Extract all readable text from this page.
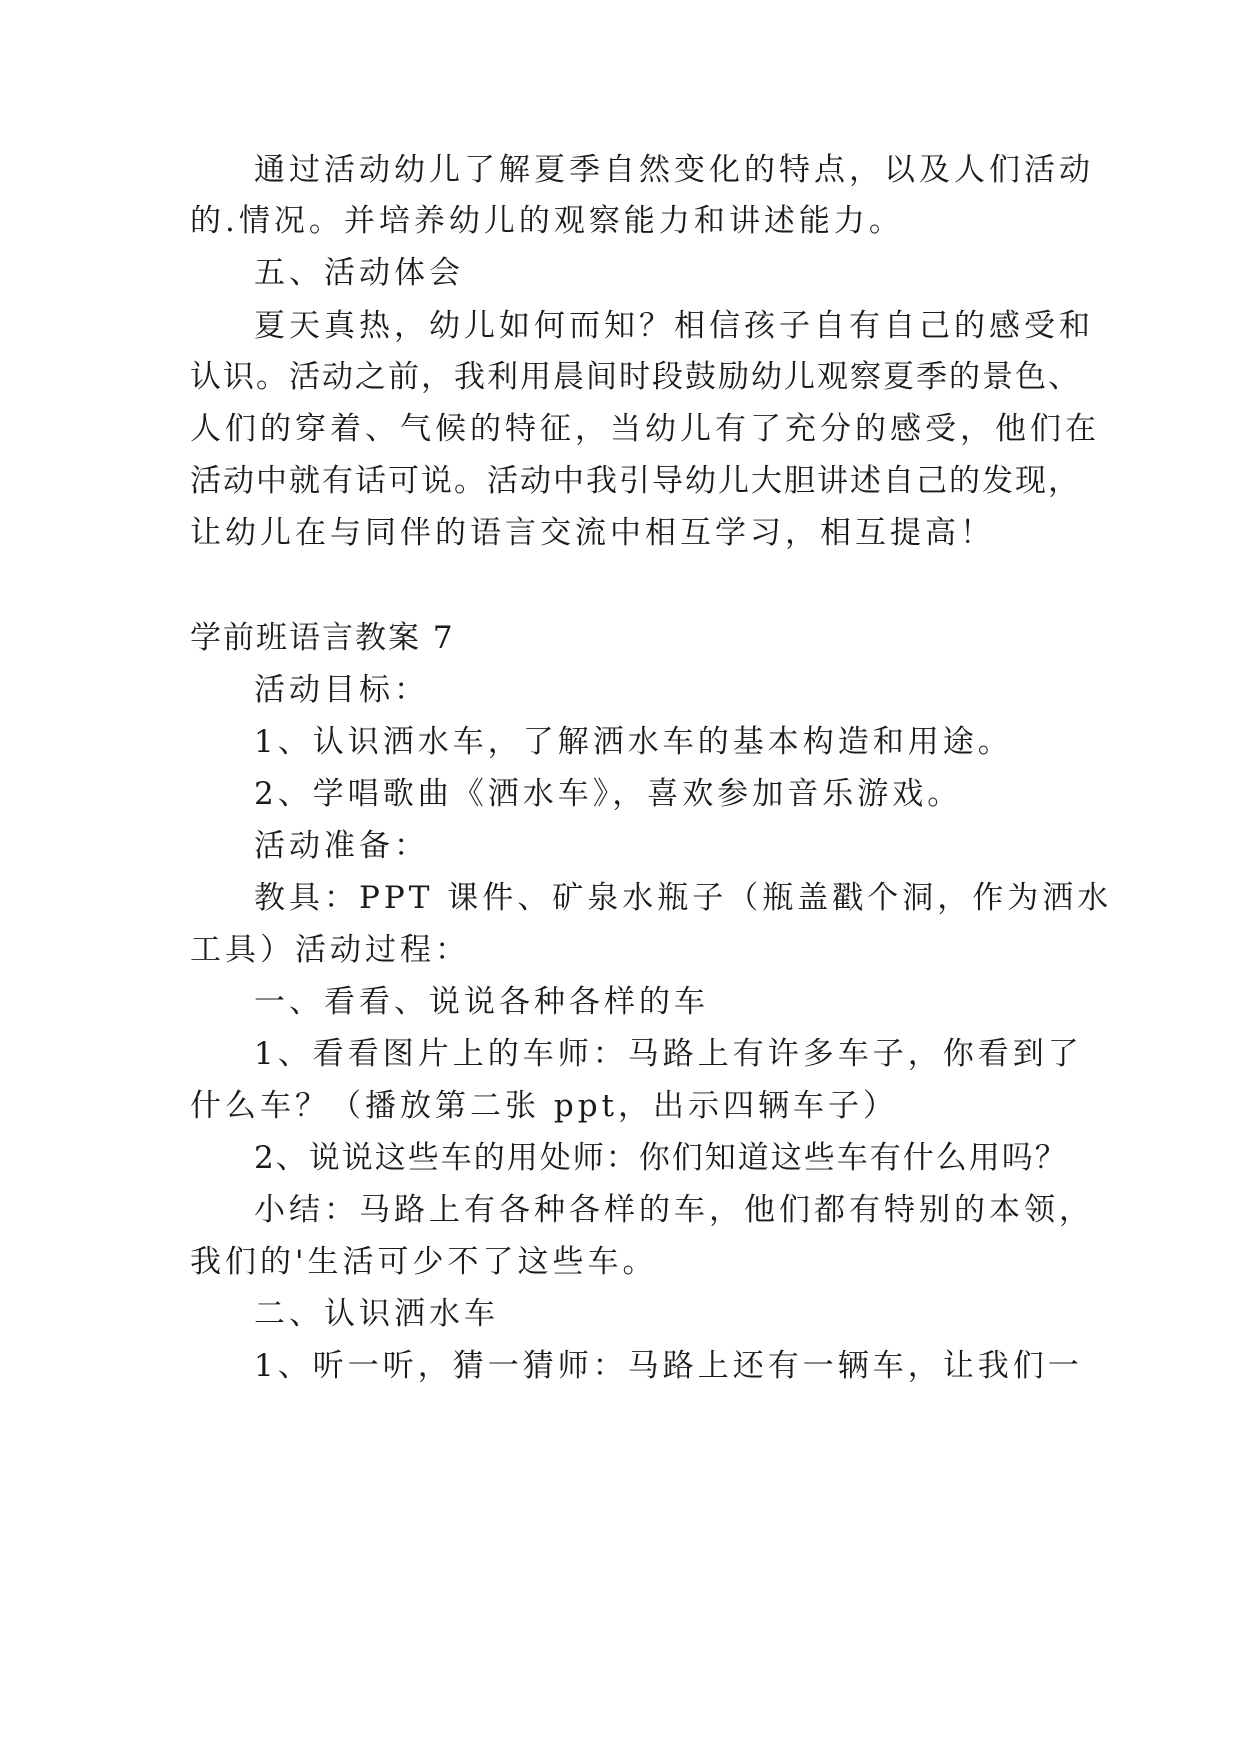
通过活动幼儿了解夏季自然变化的特点，以及人们活动
的.情况。并培养幼儿的观察能力和讲述能力。
五、活动体会
夏天真热，幼儿如何而知？相信孩子自有自己的感受和
认识。活动之前，我利用晨间时段鼓励幼儿观察夏季的景色、
人们的穿着、气候的特征，当幼儿有了充分的感受，他们在
活动中就有话可说。活动中我引导幼儿大胆讲述自己的发现，
让幼儿在与同伴的语言交流中相互学习，相互提高！
学前班语言教案 7
活动目标：
1、认识洒水车，了解洒水车的基本构造和用途。
2、学唱歌曲《洒水车》，喜欢参加音乐游戏。
活动准备：
教具：PPT 课件、矿泉水瓶子（瓶盖戳个洞，作为洒水
工具）活动过程：
一、看看、说说各种各样的车
1、看看图片上的车师：马路上有许多车子，你看到了
什么车？（播放第二张 ppt，出示四辆车子）
2、说说这些车的用处师：你们知道这些车有什么用吗？
小结：马路上有各种各样的车，他们都有特别的本领，
我们的'生活可少不了这些车。
二、认识洒水车
1、听一听，猜一猜师：马路上还有一辆车，让我们一
